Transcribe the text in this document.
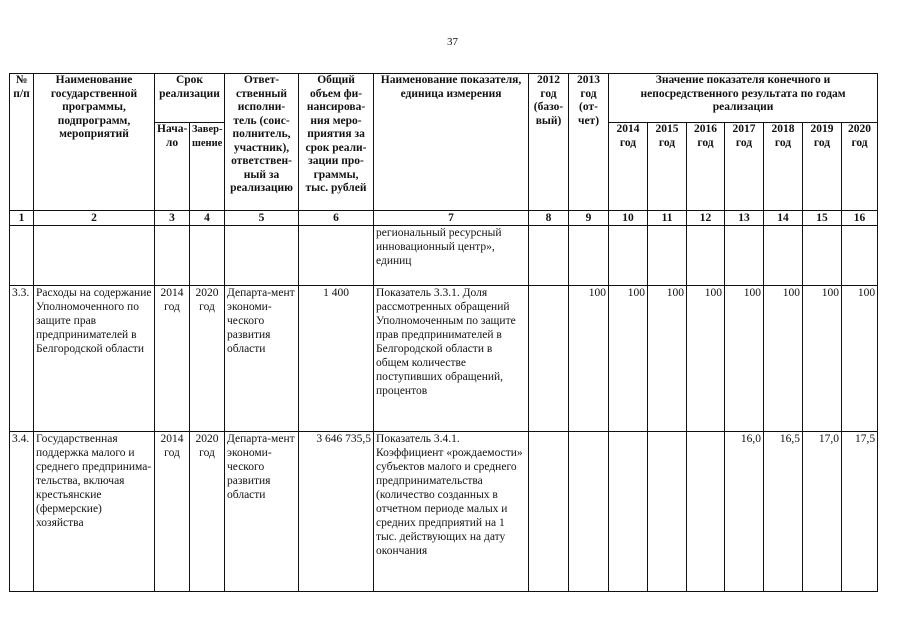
37
№ п/п	Наименование государственной программы, подпрограмм, мероприятий	Срок реализации		Ответ-ственный исполни-тель (соис-полнитель, участник), ответствен-ный за реализацию	Общий объем фи-нансирова-ния меро-приятия за срок реали-зации про-граммы, тыс. рублей	Наименование показателя, единица измерения	2012 год (базо-вый)	2013 год (от-чет)	Значение показателя конечного и непосредственного результата по годам реализации						
		Нача-ло	Завер-шение						2014 год	2015 год	2016 год	2017 год	2018 год	2019 год	2020 год
1	2	3	4	5	6	7	8	9	10	11	12	13	14	15	16
						региональный ресурсный инновационный центр», единиц									
3.3.	Расходы на содержание Уполномоченного по защите прав предпринимателей в Белгородской области	2014 год	2020 год	Департа-мент экономи-ческого развития области	1 400	Показатель 3.3.1. Доля рассмотренных обращений Уполномоченным по защите прав предпринимателей в Белгородской области в общем количестве поступивших обращений, процентов		100	100	100	100	100	100	100	100
3.4.	Государственная поддержка малого и среднего предпринима-тельства, включая крестьянские (фермерские) хозяйства	2014 год	2020 год	Департа-мент экономи-ческого развития области	3 646 735,5	Показатель 3.4.1. Коэффициент «рождаемости» субъектов малого и среднего предпринимательства (количество созданных в отчетном периоде малых и средних предприятий на 1 тыс. действующих на дату окончания						16,0	16,5	17,0	17,5
